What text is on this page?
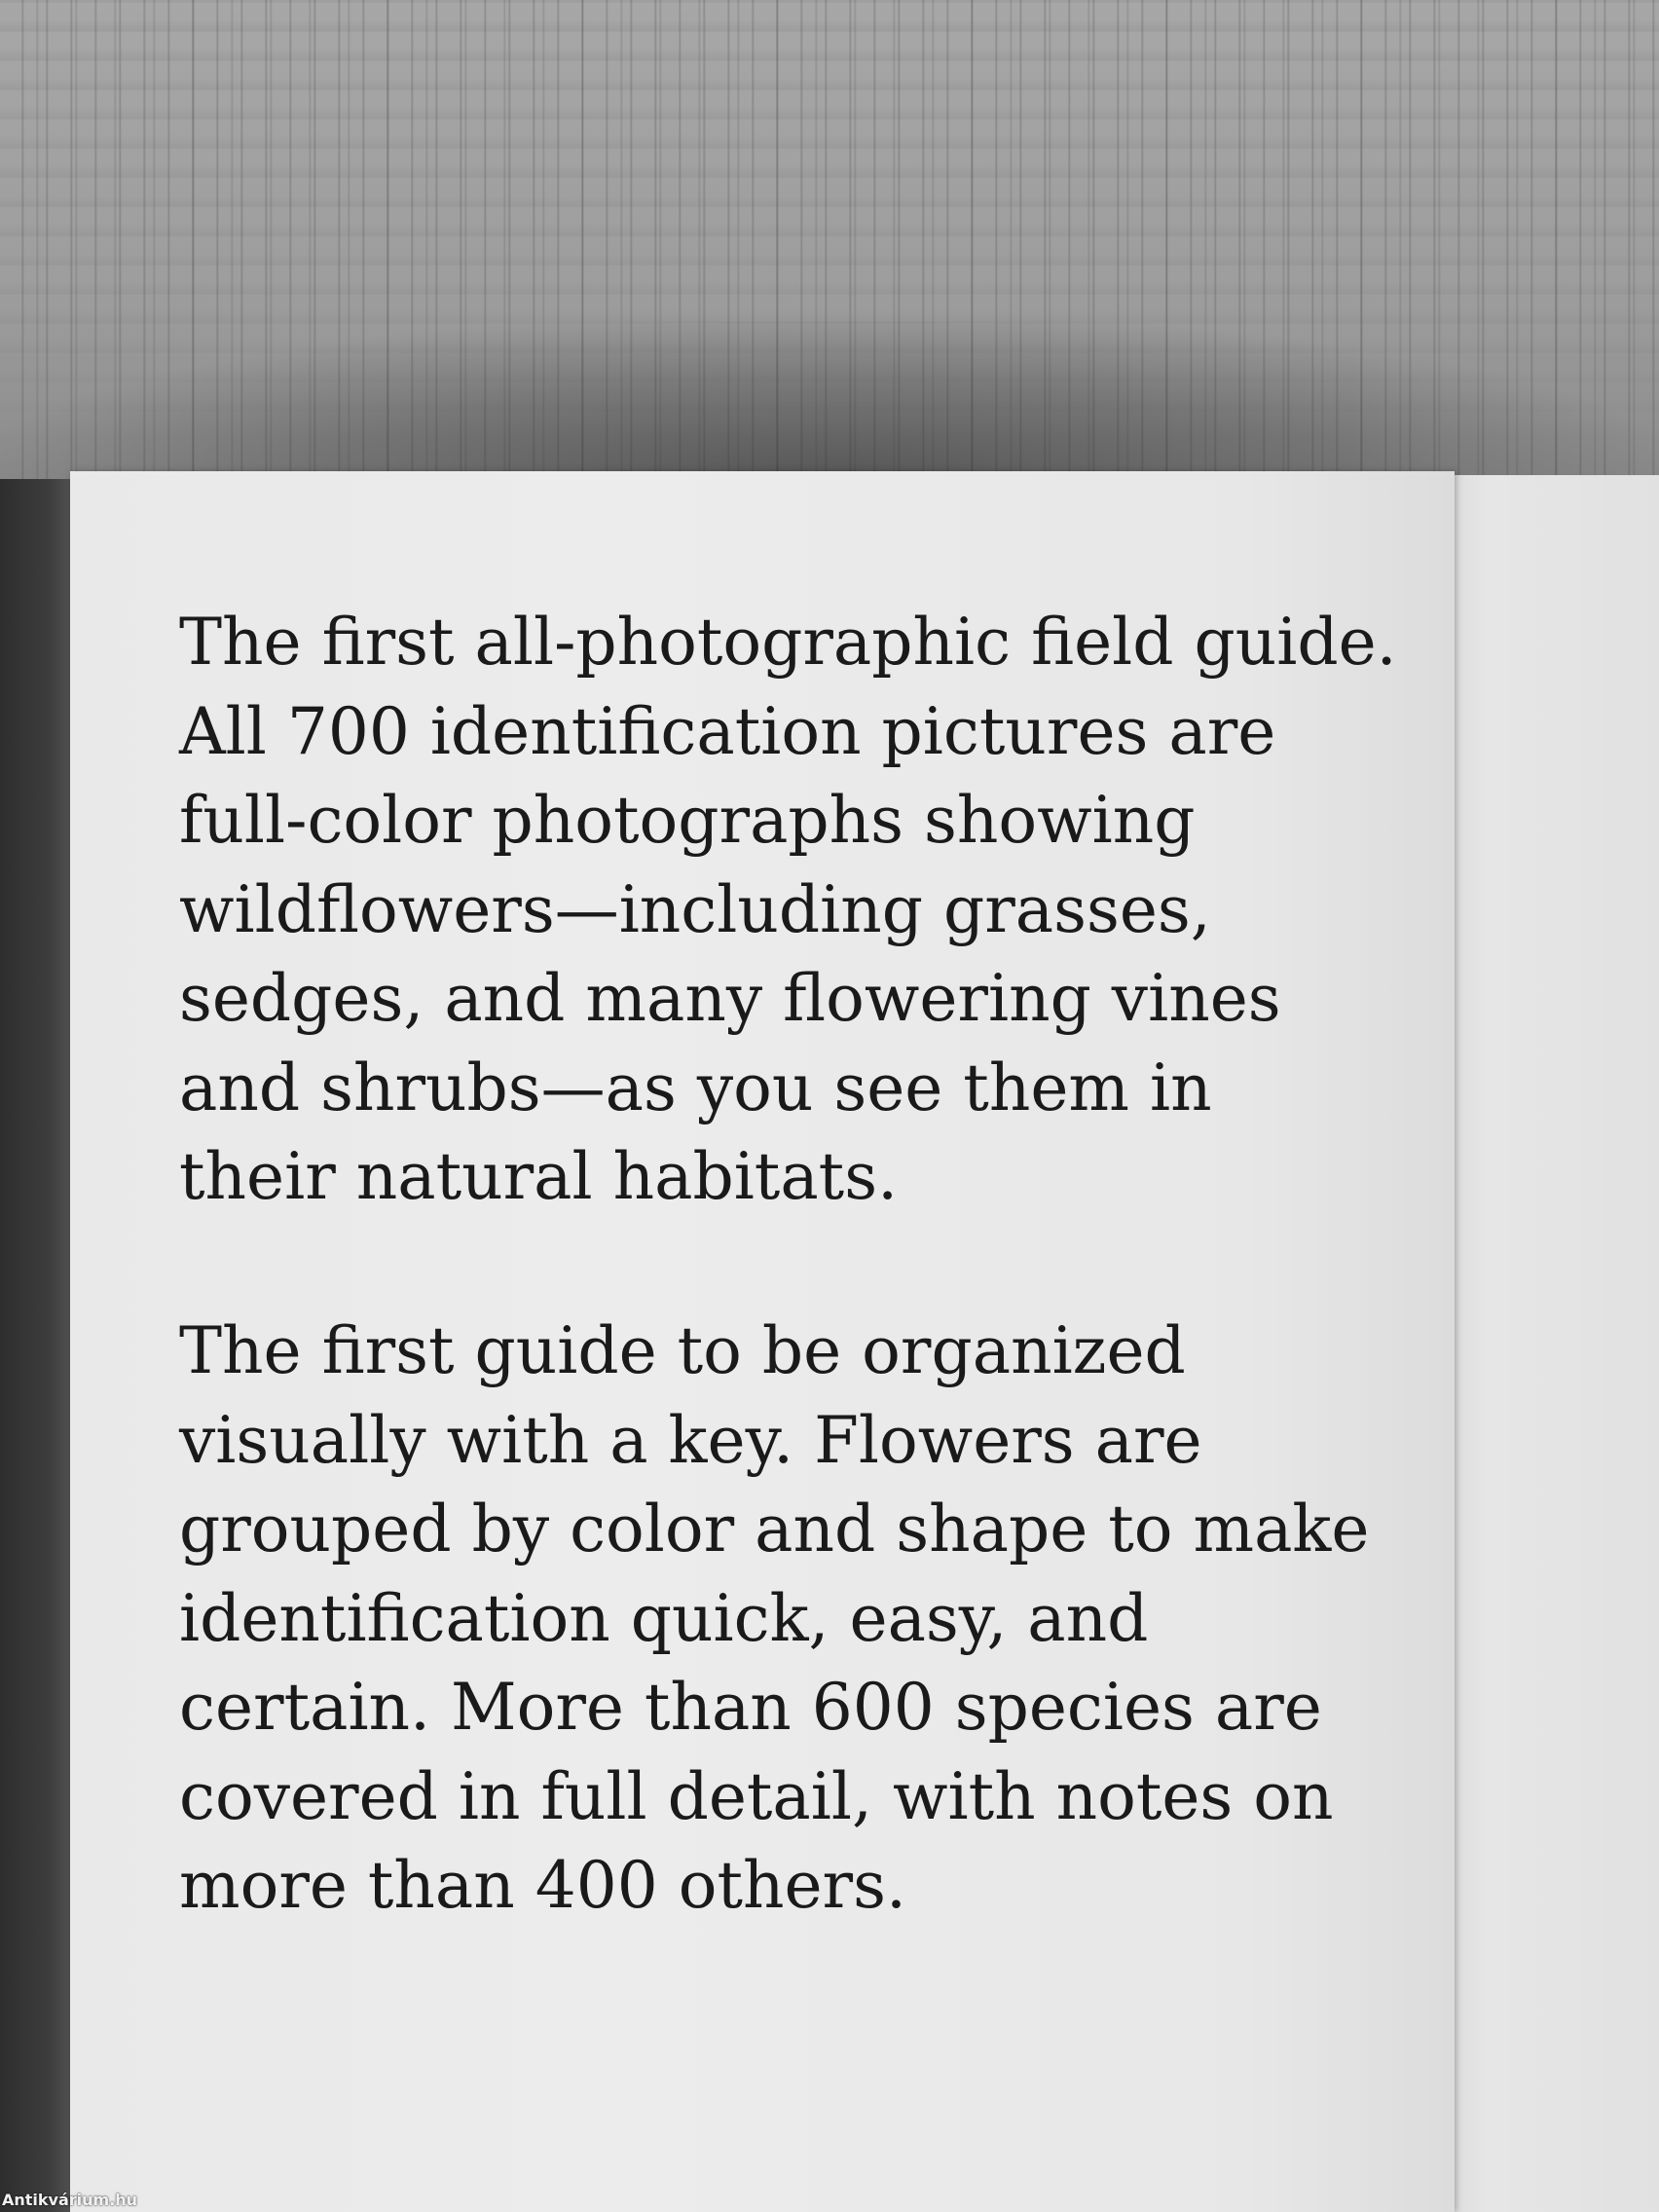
The first all-photographic field guide.
All 700 identification pictures are
full-color photographs showing
wildflowers—including grasses,
sedges, and many flowering vines
and shrubs—as you see them in
their natural habitats.

The first guide to be organized
visually with a key. Flowers are
grouped by color and shape to make
identification quick, easy, and
certain. More than 600 species are
covered in full detail, with notes on
more than 400 others.

Antikvárium.hu
